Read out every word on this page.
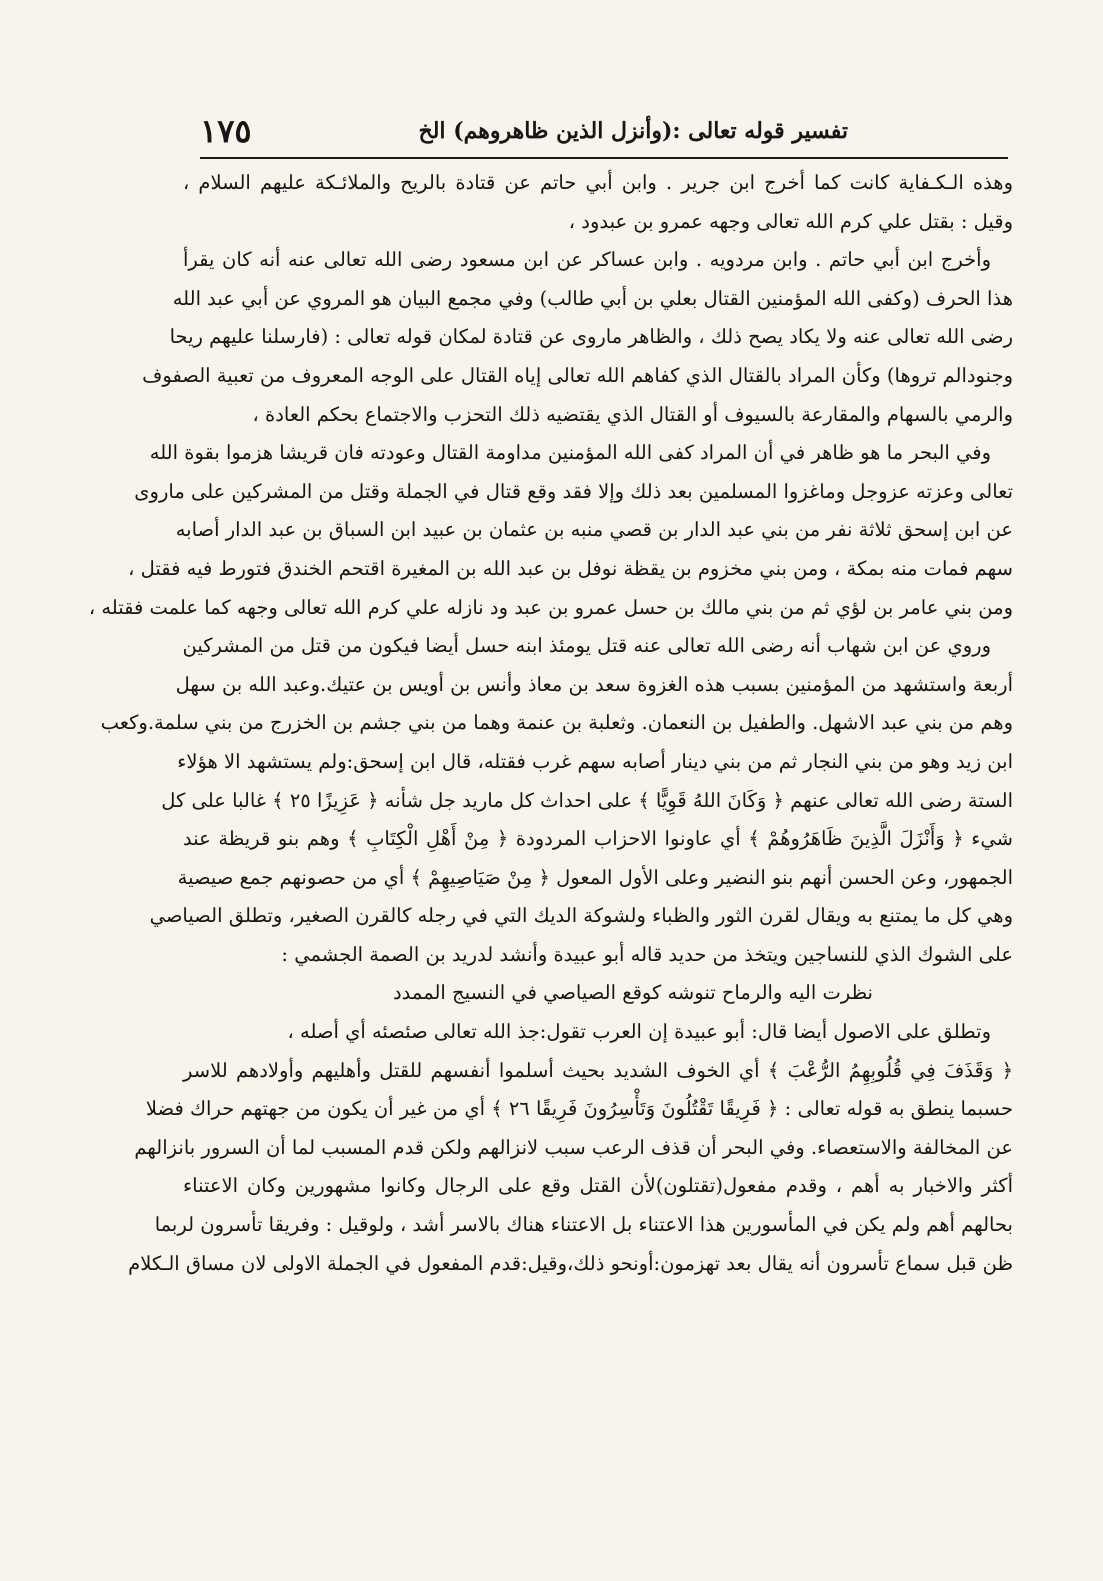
١٧٥	تفسير قوله تعالى :(وأنزل الذين ظاهروهم) الخ
وهذه الـكـفاية كانت كما أخرج ابن جرير . وابن أبي حاتم عن قتادة بالريح والملائـكة عليهم السلام ،
وقيل : بقتل علي كرم الله تعالى وجهه عمرو بن عبدود ،
وأخرج ابن أبي حاتم . وابن مردويه . وابن عساكر عن ابن مسعود رضى الله تعالى عنه أنه كان يقرأ
هذا الحرف (وكفى الله المؤمنين القتال بعلي بن أبي طالب) وفي مجمع البيان هو المروي عن أبي عبد الله
رضى الله تعالى عنه ولا يكاد يصح ذلك ، والظاهر ماروى عن قتادة لمكان قوله تعالى : (فارسلنا عليهم ريحا
وجنودالم تروها) وكأن المراد بالقتال الذي كفاهم الله تعالى إياه القتال على الوجه المعروف من تعبية الصفوف
والرمي بالسهام والمقارعة بالسيوف أو القتال الذي يقتضيه ذلك التحزب والاجتماع بحكم العادة ،
وفي البحر ما هو ظاهر في أن المراد كفى الله المؤمنين مداومة القتال وعودته فان قريشا هزموا بقوة الله
تعالى وعزته عزوجل وماغزوا المسلمين بعد ذلك وإلا فقد وقع قتال في الجملة وقتل من المشركين على ماروى
عن ابن إسحق ثلاثة نفر من بني عبد الدار بن قصي منبه بن عثمان بن عبيد ابن السباق بن عبد الدار أصابه
سهم فمات منه بمكة ، ومن بني مخزوم بن يقظة نوفل بن عبد الله بن المغيرة اقتحم الخندق فتورط فيه فقتل ،
ومن بني عامر بن لؤي ثم من بني مالك بن حسل عمرو بن عبد ود نازله علي كرم الله تعالى وجهه كما علمت فقتله ،
وروي عن ابن شهاب أنه رضى الله تعالى عنه قتل يومئذ ابنه حسل أيضا فيكون من قتل من المشركين
أربعة واستشهد من المؤمنين بسبب هذه الغزوة سعد بن معاذ وأنس بن أويس بن عتيك.وعبد الله بن سهل
وهم من بني عبد الاشهل. والطفيل بن النعمان. وثعلبة بن عنمة وهما من بني جشم بن الخزرج من بني سلمة.وكعب
ابن زيد وهو من بني النجار ثم من بني دينار أصابه سهم غرب فقتله، قال ابن إسحق:ولم يستشهد الا هؤلاء
الستة رضى الله تعالى عنهم ﴿ وَكَانَ اللهُ قَوِيًّا ﴾ على احداث كل ماريد جل شأنه ﴿ عَزِيزًا ٢٥ ﴾ غالبا على كل
شيء ﴿ وَأَنْزَلَ الَّذِينَ ظَاهَرُوهُمْ ﴾ أي عاونوا الاحزاب المردودة ﴿ مِنْ أَهْلِ الْكِتَابِ ﴾ وهم بنو قريظة عند
الجمهور، وعن الحسن أنهم بنو النضير وعلى الأول المعول ﴿ مِنْ صَيَاصِيهِمْ ﴾ أي من حصونهم جمع صيصية
وهي كل ما يمتنع به ويقال لقرن الثور والظباء ولشوكة الديك التي في رجله كالقرن الصغير، وتطلق الصياصي
على الشوك الذي للنساجين ويتخذ من حديد قاله أبو عبيدة وأنشد لدريد بن الصمة الجشمي :
نظرت اليه والرماح تنوشه كوقع الصياصي في النسيج الممدد
وتطلق على الاصول أيضا قال: أبو عبيدة إن العرب تقول:جذ الله تعالى صئصئه أي أصله ،
﴿ وَقَذَفَ فِي قُلُوبِهِمُ الرُّعْبَ ﴾ أي الخوف الشديد بحيث أسلموا أنفسهم للقتل وأهليهم وأولادهم للاسر
حسبما ينطق به قوله تعالى : ﴿ فَرِيقًا تَقْتُلُونَ وَتَأْسِرُونَ فَرِيقًا ٢٦ ﴾ أي من غير أن يكون من جهتهم حراك فضلا
عن المخالفة والاستعصاء. وفي البحر أن قذف الرعب سبب لانزالهم ولكن قدم المسبب لما أن السرور بانزالهم
أكثر والاخبار به أهم ، وقدم مفعول(تقتلون)لأن القتل وقع على الرجال وكانوا مشهورين وكان الاعتناء
بحالهم أهم ولم يكن في المأسورين هذا الاعتناء بل الاعتناء هناك بالاسر أشد ، ولوقيل : وفريقا تأسرون لربما
ظن قبل سماع تأسرون أنه يقال بعد تهزمون:أونحو ذلك،وقيل:قدم المفعول في الجملة الاولى لان مساق الـكلام
